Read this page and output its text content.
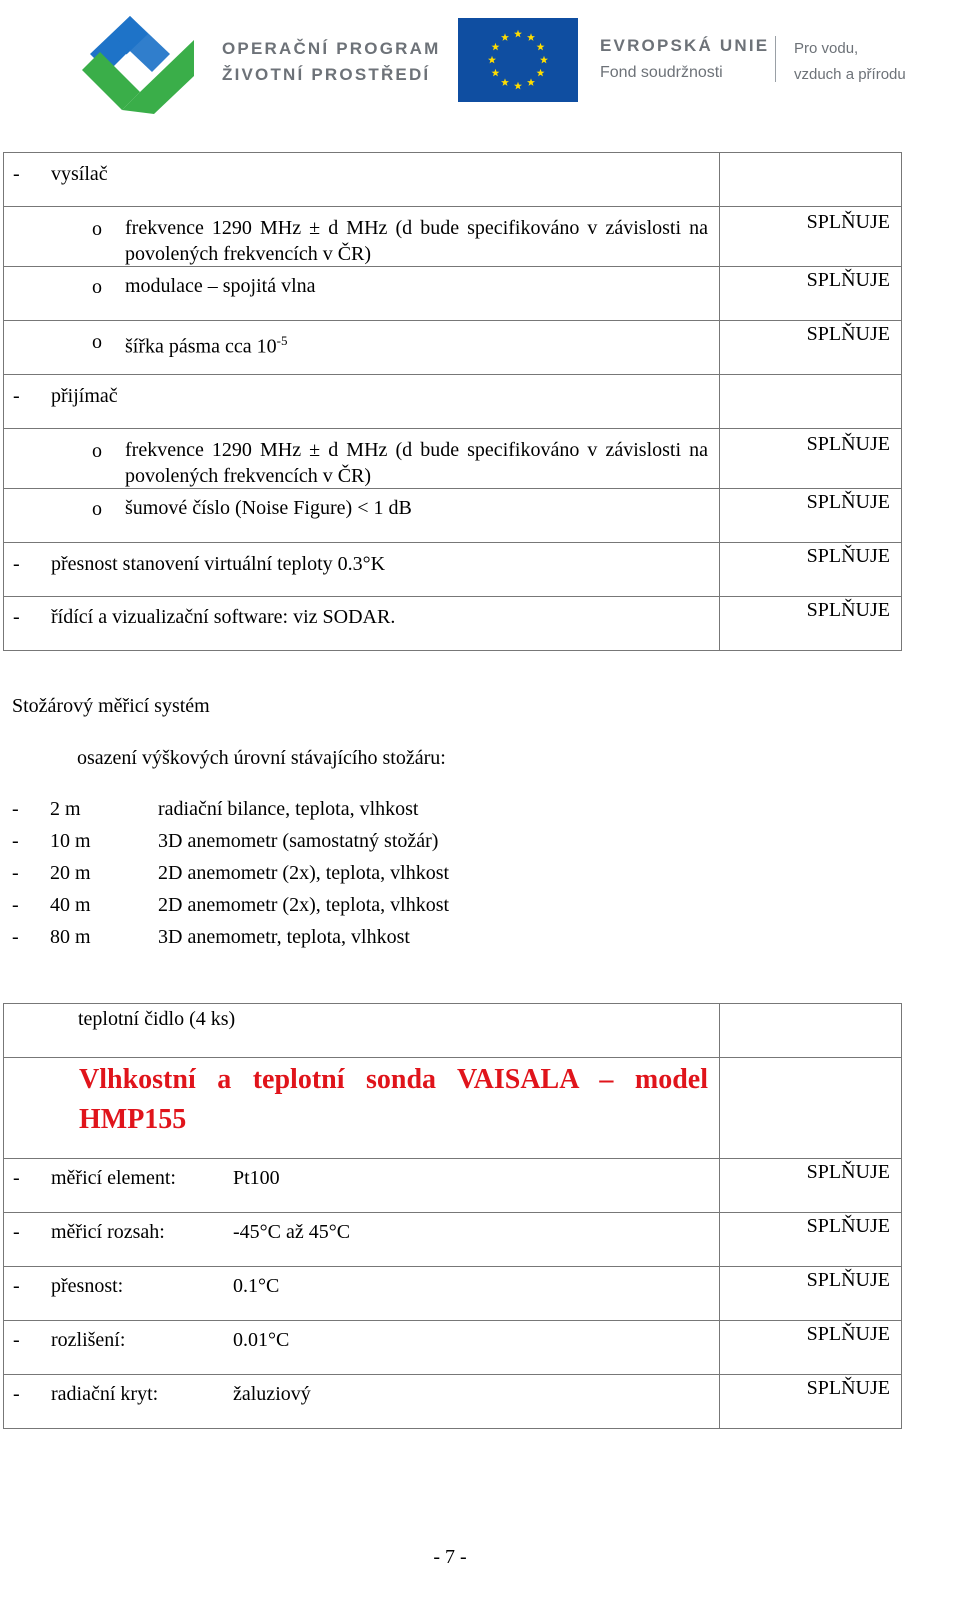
OPERAČNÍ PROGRAM
ŽIVOTNÍ PROSTŘEDÍ
EVROPSKÁ UNIE
Fond soudržnosti
Pro vodu,
vzduch a přírodu
- vysílač	

o frekvence 1290 MHz ± d MHz (d bude specifikováno v závislosti na povolených frekvencích v ČR)	SPLŇUJE

o modulace – spojitá vlna	SPLŇUJE

o šířka pásma cca $10^{-5}$	SPLŇUJE

- přijímač	

o frekvence 1290 MHz ± d MHz (d bude specifikováno v závislosti na povolených frekvencích v ČR)	SPLŇUJE

o šumové číslo (Noise Figure) < 1 dB	SPLŇUJE

- přesnost stanovení virtuální teploty 0.3°K	SPLŇUJE

- řídící a vizualizační software: viz SODAR.	SPLŇUJE
Stožárový měřicí systém
osazení výškových úrovní stávajícího stožáru:
- 2 m	radiační bilance, teplota, vlhkost
- 10 m	3D anemometr (samostatný stožár)
- 20 m	2D anemometr (2x), teplota, vlhkost
- 40 m	2D anemometr (2x), teplota, vlhkost
- 80 m	3D anemometr, teplota, vlhkost
teplotní čidlo (4 ks)	

Vlhkostní a teplotní sonda VAISALA – model HMP155	

- měřicí element: Pt100	SPLŇUJE

- měřicí rozsah: -45°C až 45°C	SPLŇUJE

- přesnost: 0.1°C	SPLŇUJE

- rozlišení: 0.01°C	SPLŇUJE

- radiační kryt: žaluziový	SPLŇUJE
- 7 -
